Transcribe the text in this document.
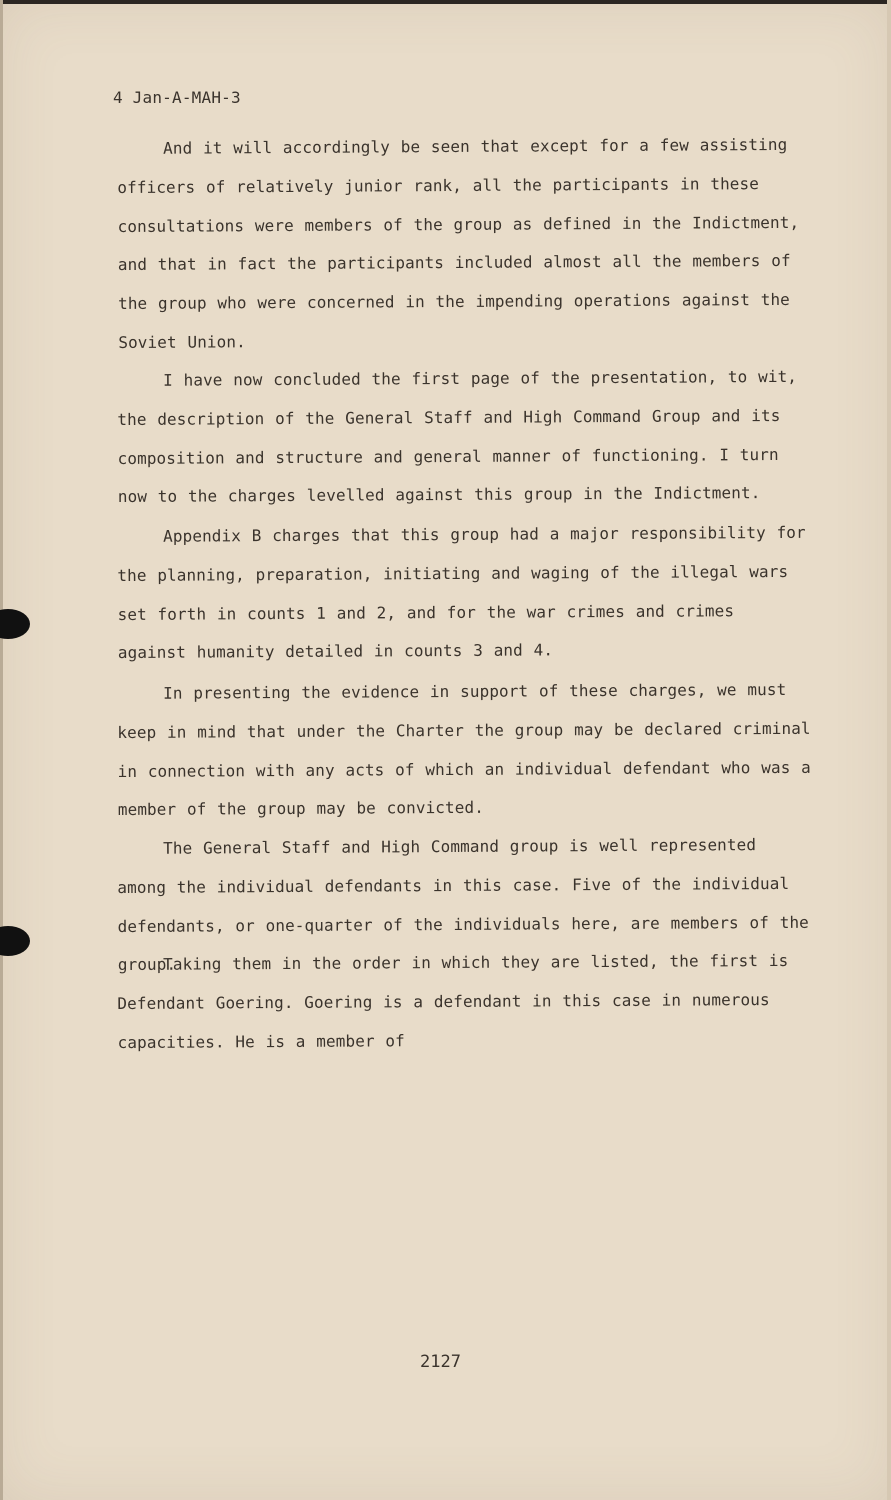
4 Jan-A-MAH-3

And it will accordingly be seen that except for a few assisting officers of relatively junior rank, all the participants in these consultations were members of the group as defined in the Indictment, and that in fact the participants included almost all the members of the group who were concerned in the impending operations against the Soviet Union.

I have now concluded the first page of the presentation, to wit, the description of the General Staff and High Command Group and its composition and structure and general manner of functioning. I turn now to the charges levelled against this group in the Indictment.

Appendix B charges that this group had a major responsibility for the planning, preparation, initiating and waging of the illegal wars set forth in counts 1 and 2, and for the war crimes and crimes against humanity detailed in counts 3 and 4.

In presenting the evidence in support of these charges, we must keep in mind that under the Charter the group may be declared criminal in connection with any acts of which an individual defendant who was a member of the group may be convicted.

The General Staff and High Command group is well represented among the individual defendants in this case. Five of the individual defendants, or one-quarter of the individuals here, are members of the group.

Taking them in the order in which they are listed, the first is Defendant Goering. Goering is a defendant in this case in numerous capacities. He is a member of

2127
